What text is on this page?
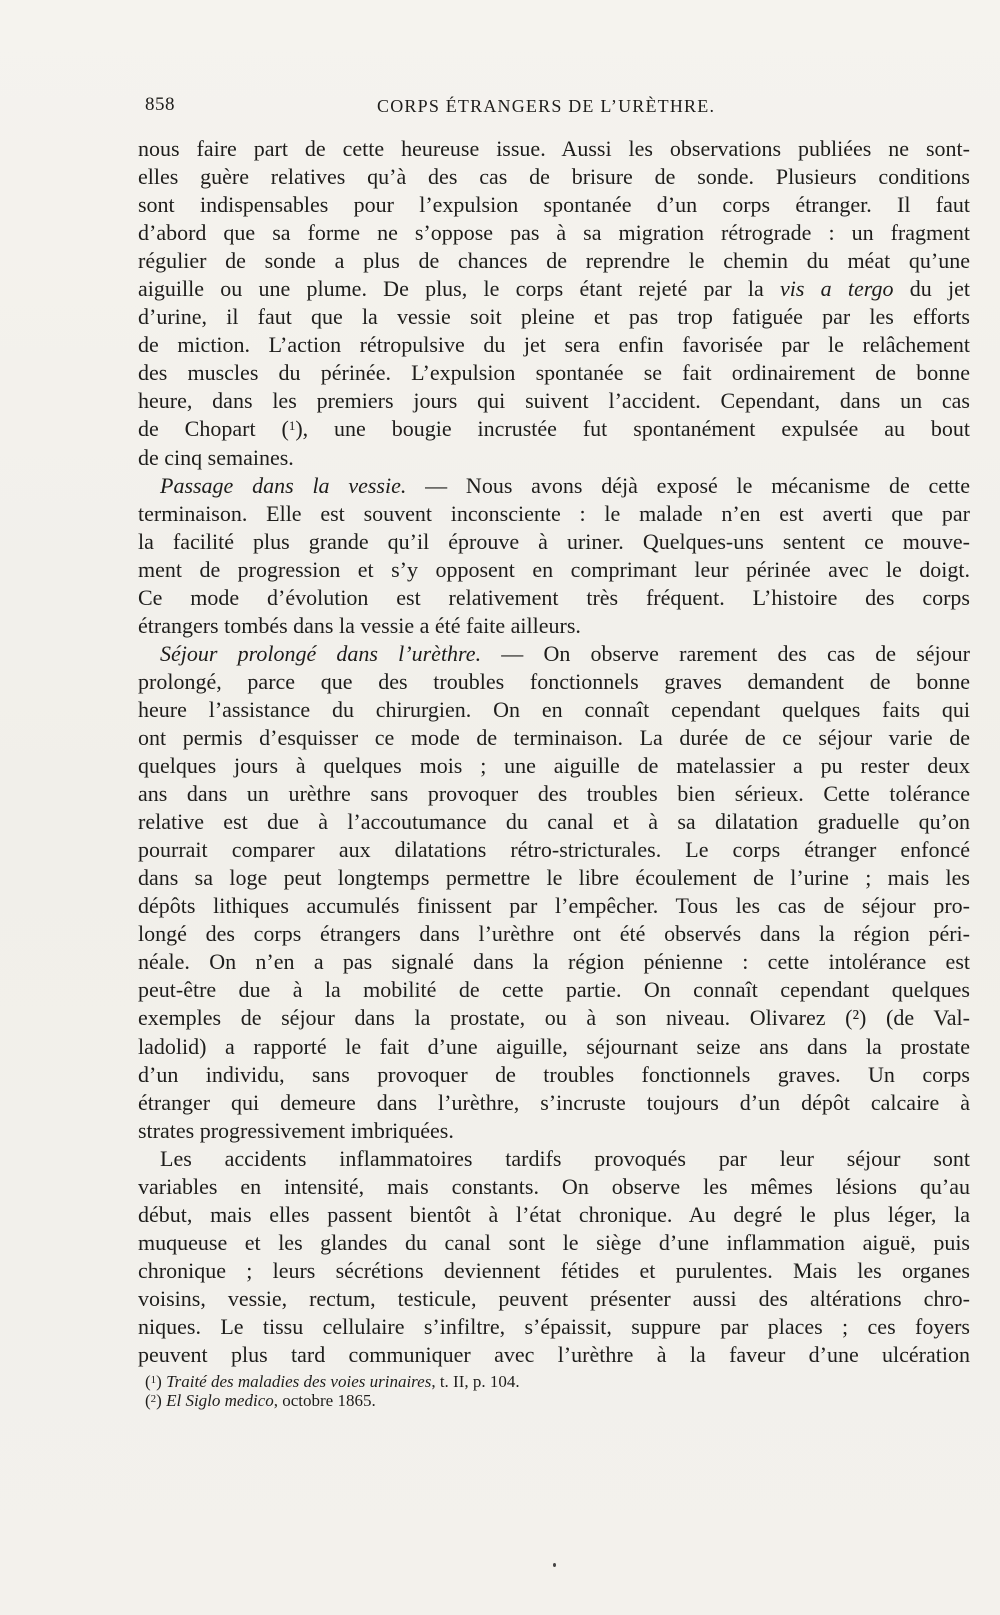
858	CORPS ÉTRANGERS DE L’URÈTHRE.
nous faire part de cette heureuse issue. Aussi les observations publiées ne sont-
elles guère relatives qu’à des cas de brisure de sonde. Plusieurs conditions
sont indispensables pour l’expulsion spontanée d’un corps étranger. Il faut
d’abord que sa forme ne s’oppose pas à sa migration rétrograde : un fragment
régulier de sonde a plus de chances de reprendre le chemin du méat qu’une
aiguille ou une plume. De plus, le corps étant rejeté par la vis a tergo du jet
d’urine, il faut que la vessie soit pleine et pas trop fatiguée par les efforts
de miction. L’action rétropulsive du jet sera enfin favorisée par le relâchement
des muscles du périnée. L’expulsion spontanée se fait ordinairement de bonne
heure, dans les premiers jours qui suivent l’accident. Cependant, dans un cas
de Chopart ($^1$), une bougie incrustée fut spontanément expulsée au bout
de cinq semaines.
Passage dans la vessie. — Nous avons déjà exposé le mécanisme de cette
terminaison. Elle est souvent inconsciente : le malade n’en est averti que par
la facilité plus grande qu’il éprouve à uriner. Quelques-uns sentent ce mouve-
ment de progression et s’y opposent en comprimant leur périnée avec le doigt.
Ce mode d’évolution est relativement très fréquent. L’histoire des corps
étrangers tombés dans la vessie a été faite ailleurs.
Séjour prolongé dans l’urèthre. — On observe rarement des cas de séjour
prolongé, parce que des troubles fonctionnels graves demandent de bonne
heure l’assistance du chirurgien. On en connaît cependant quelques faits qui
ont permis d’esquisser ce mode de terminaison. La durée de ce séjour varie de
quelques jours à quelques mois ; une aiguille de matelassier a pu rester deux
ans dans un urèthre sans provoquer des troubles bien sérieux. Cette tolérance
relative est due à l’accoutumance du canal et à sa dilatation graduelle qu’on
pourrait comparer aux dilatations rétro-stricturales. Le corps étranger enfoncé
dans sa loge peut longtemps permettre le libre écoulement de l’urine ; mais les
dépôts lithiques accumulés finissent par l’empêcher. Tous les cas de séjour pro-
longé des corps étrangers dans l’urèthre ont été observés dans la région péri-
néale. On n’en a pas signalé dans la région pénienne : cette intolérance est
peut-être due à la mobilité de cette partie. On connaît cependant quelques
exemples de séjour dans la prostate, ou à son niveau. Olivarez (²) (de Val-
ladolid) a rapporté le fait d’une aiguille, séjournant seize ans dans la prostate
d’un individu, sans provoquer de troubles fonctionnels graves. Un corps
étranger qui demeure dans l’urèthre, s’incruste toujours d’un dépôt calcaire à
strates progressivement imbriquées.
Les accidents inflammatoires tardifs provoqués par leur séjour sont
variables en intensité, mais constants. On observe les mêmes lésions qu’au
début, mais elles passent bientôt à l’état chronique. Au degré le plus léger, la
muqueuse et les glandes du canal sont le siège d’une inflammation aiguë, puis
chronique ; leurs sécrétions deviennent fétides et purulentes. Mais les organes
voisins, vessie, rectum, testicule, peuvent présenter aussi des altérations chro-
niques. Le tissu cellulaire s’infiltre, s’épaissit, suppure par places ; ces foyers
peuvent plus tard communiquer avec l’urèthre à la faveur d’une ulcération
($^1$) Traité des maladies des voies urinaires, t. II, p. 104.
($^2$) El Siglo medico, octobre 1865.
